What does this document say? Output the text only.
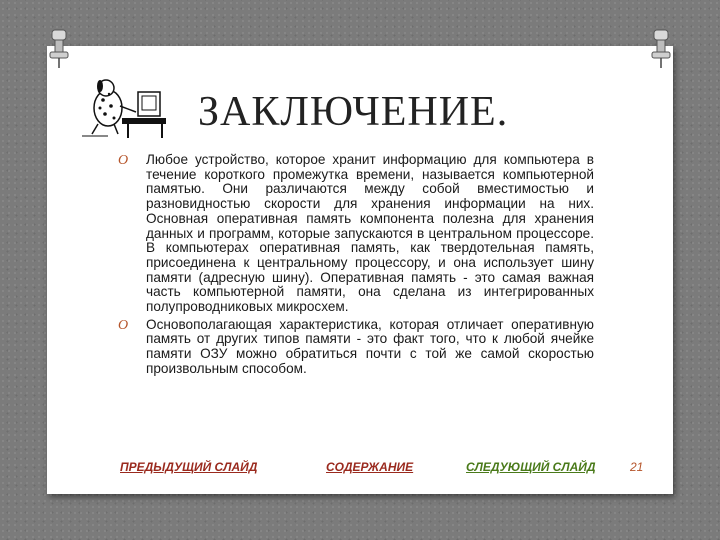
ЗАКЛЮЧЕНИЕ.
O Любое устройство, которое хранит информацию для компьютера в течение короткого промежутка времени, называется компьютерной памятью. Они различаются между собой вместимостью и разновидностью скорости для хранения информации на них. Основная оперативная память компонента полезна для хранения данных и программ, которые запускаются в центральном процессоре. В компьютерах оперативная память, как твердотельная память, присоединена к центральному процессору, и она использует шину памяти (адресную шину). Оперативная память - это самая важная часть компьютерной памяти, она сделана из интегрированных полупроводниковых микросхем.
O Основополагающая характеристика, которая отличает оперативную память от других типов памяти - это факт того, что к любой ячейке памяти ОЗУ можно обратиться почти с той же самой скоростью произвольным способом.
ПРЕДЫДУЩИЙ СЛАЙД	СОДЕРЖАНИЕ	СЛЕДУЮЩИЙ СЛАЙД	21
